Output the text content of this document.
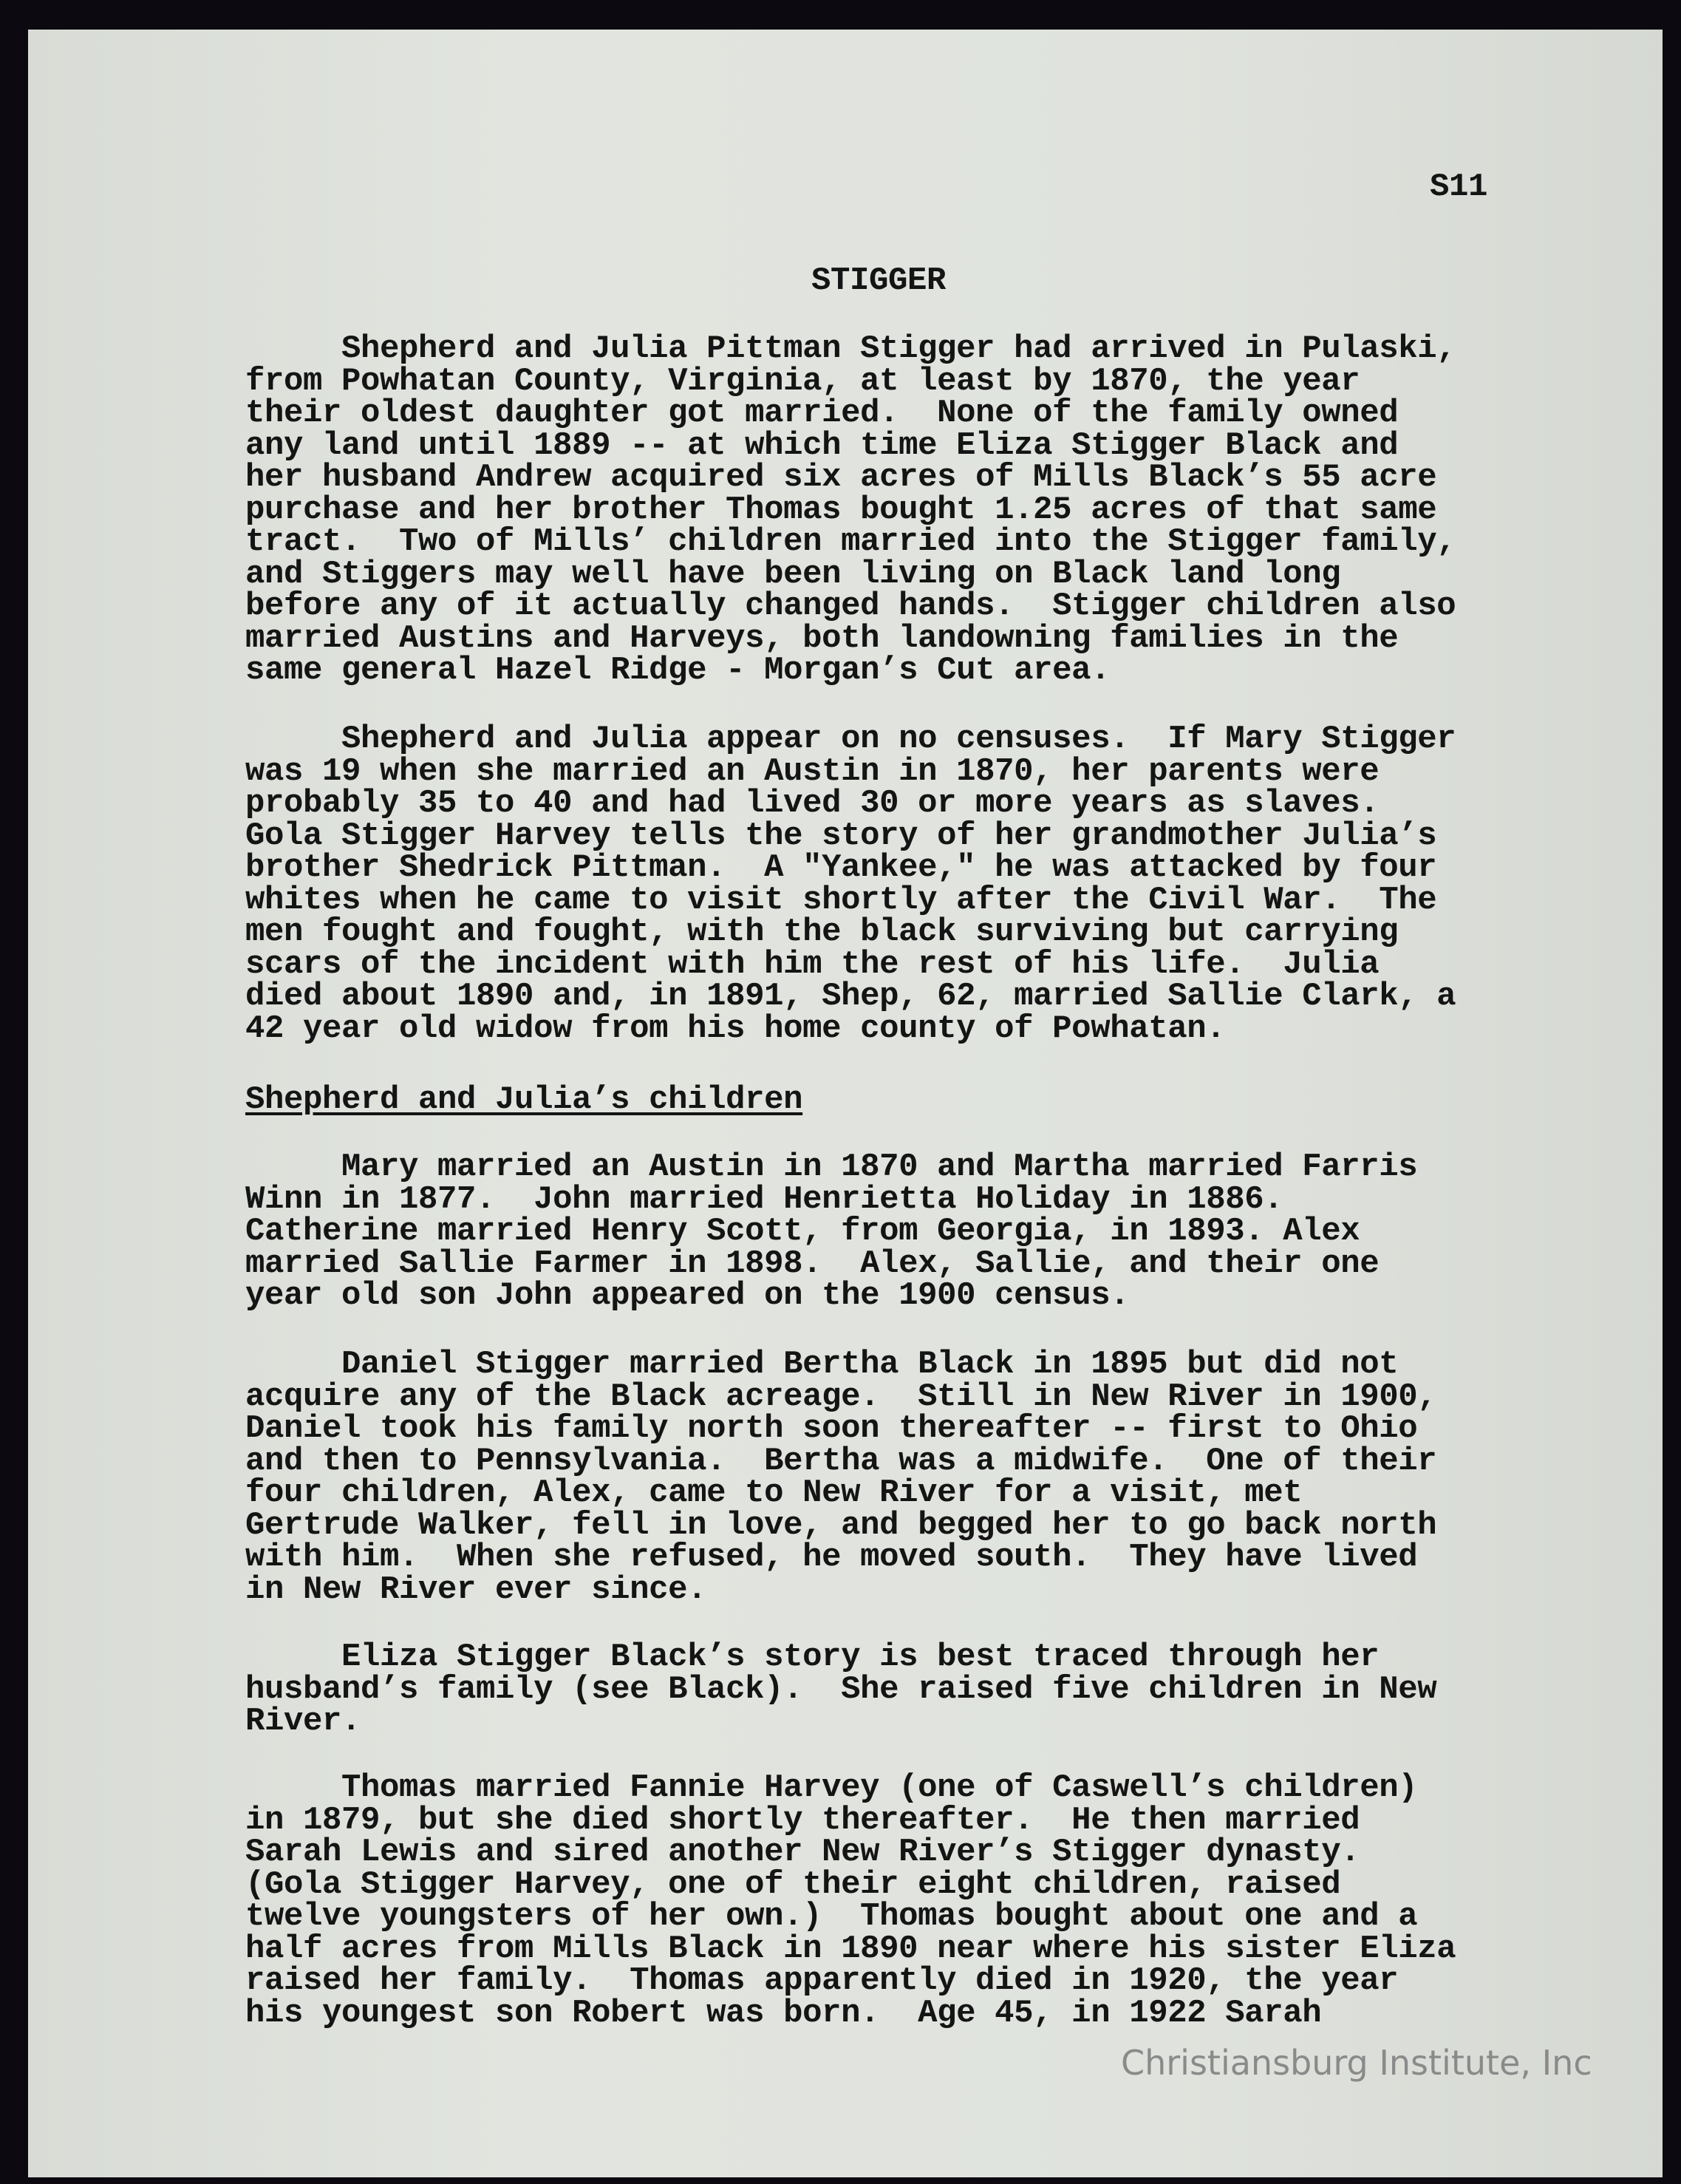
S11
STIGGER
Shepherd and Julia Pittman Stigger had arrived in Pulaski,
from Powhatan County, Virginia, at least by 1870, the year
their oldest daughter got married.  None of the family owned
any land until 1889 -- at which time Eliza Stigger Black and
her husband Andrew acquired six acres of Mills Black’s 55 acre
purchase and her brother Thomas bought 1.25 acres of that same
tract.  Two of Mills’ children married into the Stigger family,
and Stiggers may well have been living on Black land long
before any of it actually changed hands.  Stigger children also
married Austins and Harveys, both landowning families in the
same general Hazel Ridge - Morgan’s Cut area.
Shepherd and Julia appear on no censuses.  If Mary Stigger
was 19 when she married an Austin in 1870, her parents were
probably 35 to 40 and had lived 30 or more years as slaves.
Gola Stigger Harvey tells the story of her grandmother Julia’s
brother Shedrick Pittman.  A "Yankee," he was attacked by four
whites when he came to visit shortly after the Civil War.  The
men fought and fought, with the black surviving but carrying
scars of the incident with him the rest of his life.  Julia
died about 1890 and, in 1891, Shep, 62, married Sallie Clark, a
42 year old widow from his home county of Powhatan.
Shepherd and Julia’s children
Mary married an Austin in 1870 and Martha married Farris
Winn in 1877.  John married Henrietta Holiday in 1886.
Catherine married Henry Scott, from Georgia, in 1893. Alex
married Sallie Farmer in 1898.  Alex, Sallie, and their one
year old son John appeared on the 1900 census.
Daniel Stigger married Bertha Black in 1895 but did not
acquire any of the Black acreage.  Still in New River in 1900,
Daniel took his family north soon thereafter -- first to Ohio
and then to Pennsylvania.  Bertha was a midwife.  One of their
four children, Alex, came to New River for a visit, met
Gertrude Walker, fell in love, and begged her to go back north
with him.  When she refused, he moved south.  They have lived
in New River ever since.
Eliza Stigger Black’s story is best traced through her
husband’s family (see Black).  She raised five children in New
River.
Thomas married Fannie Harvey (one of Caswell’s children)
in 1879, but she died shortly thereafter.  He then married
Sarah Lewis and sired another New River’s Stigger dynasty.
(Gola Stigger Harvey, one of their eight children, raised
twelve youngsters of her own.)  Thomas bought about one and a
half acres from Mills Black in 1890 near where his sister Eliza
raised her family.  Thomas apparently died in 1920, the year
his youngest son Robert was born.  Age 45, in 1922 Sarah
Christiansburg Institute, Inc
